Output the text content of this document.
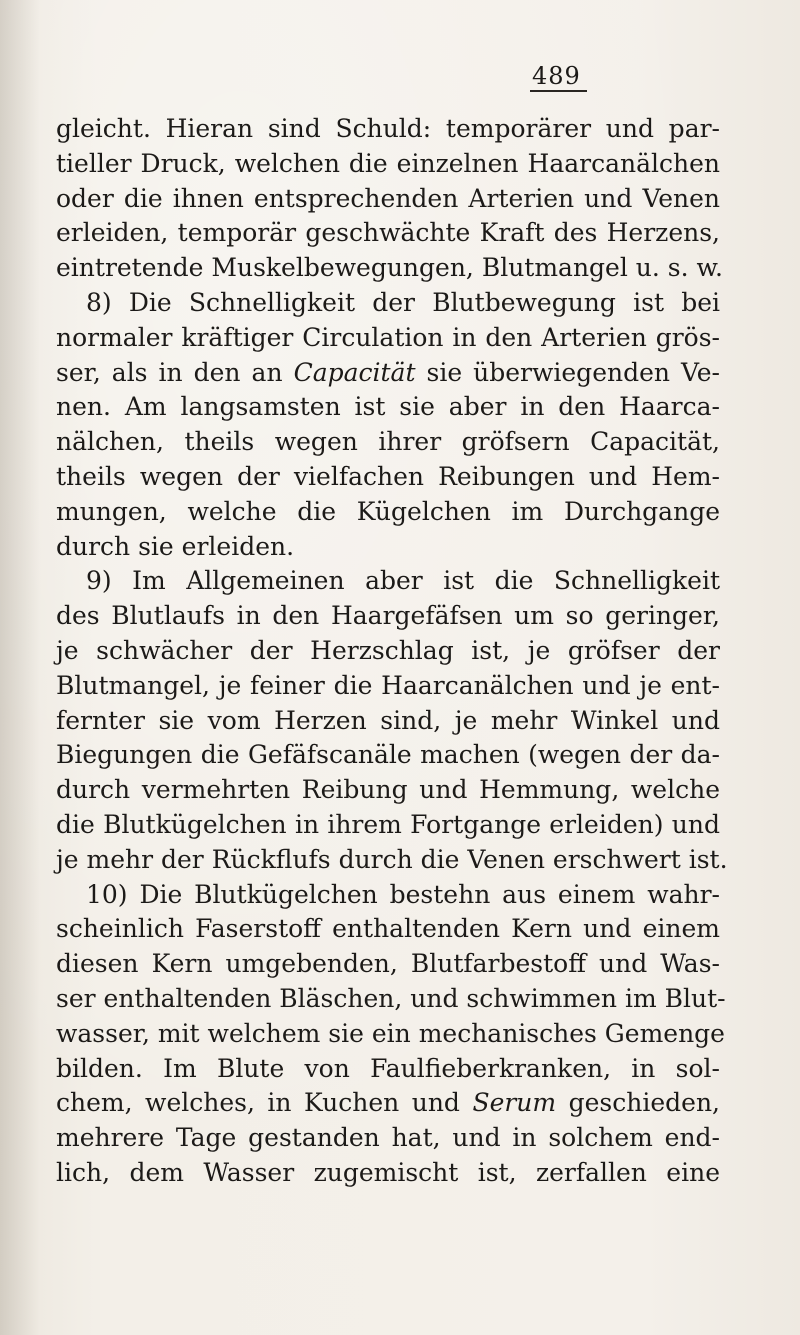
489
gleicht. Hieran sind Schuld: temporärer und par-
tieller Druck, welchen die einzelnen Haarcanälchen
oder die ihnen entsprechenden Arterien und Venen
erleiden, temporär geschwächte Kraft des Herzens,
eintretende Muskelbewegungen, Blutmangel u. s. w.
8) Die Schnelligkeit der Blutbewegung ist bei
normaler kräftiger Circulation in den Arterien grös-
ser, als in den an Capacität sie überwiegenden Ve-
nen. Am langsamsten ist sie aber in den Haarca-
nälchen, theils wegen ihrer gröfsern Capacität,
theils wegen der vielfachen Reibungen und Hem-
mungen, welche die Kügelchen im Durchgange
durch sie erleiden.
9) Im Allgemeinen aber ist die Schnelligkeit
des Blutlaufs in den Haargefäfsen um so geringer,
je schwächer der Herzschlag ist, je gröfser der
Blutmangel, je feiner die Haarcanälchen und je ent-
fernter sie vom Herzen sind, je mehr Winkel und
Biegungen die Gefäfscanäle machen (wegen der da-
durch vermehrten Reibung und Hemmung, welche
die Blutkügelchen in ihrem Fortgange erleiden) und
je mehr der Rückflufs durch die Venen erschwert ist.
10) Die Blutkügelchen bestehn aus einem wahr-
scheinlich Faserstoff enthaltenden Kern und einem
diesen Kern umgebenden, Blutfarbestoff und Was-
ser enthaltenden Bläschen, und schwimmen im Blut-
wasser, mit welchem sie ein mechanisches Gemenge
bilden. Im Blute von Faulfieberkranken, in sol-
chem, welches, in Kuchen und Serum geschieden,
mehrere Tage gestanden hat, und in solchem end-
lich, dem Wasser zugemischt ist, zerfallen eine
